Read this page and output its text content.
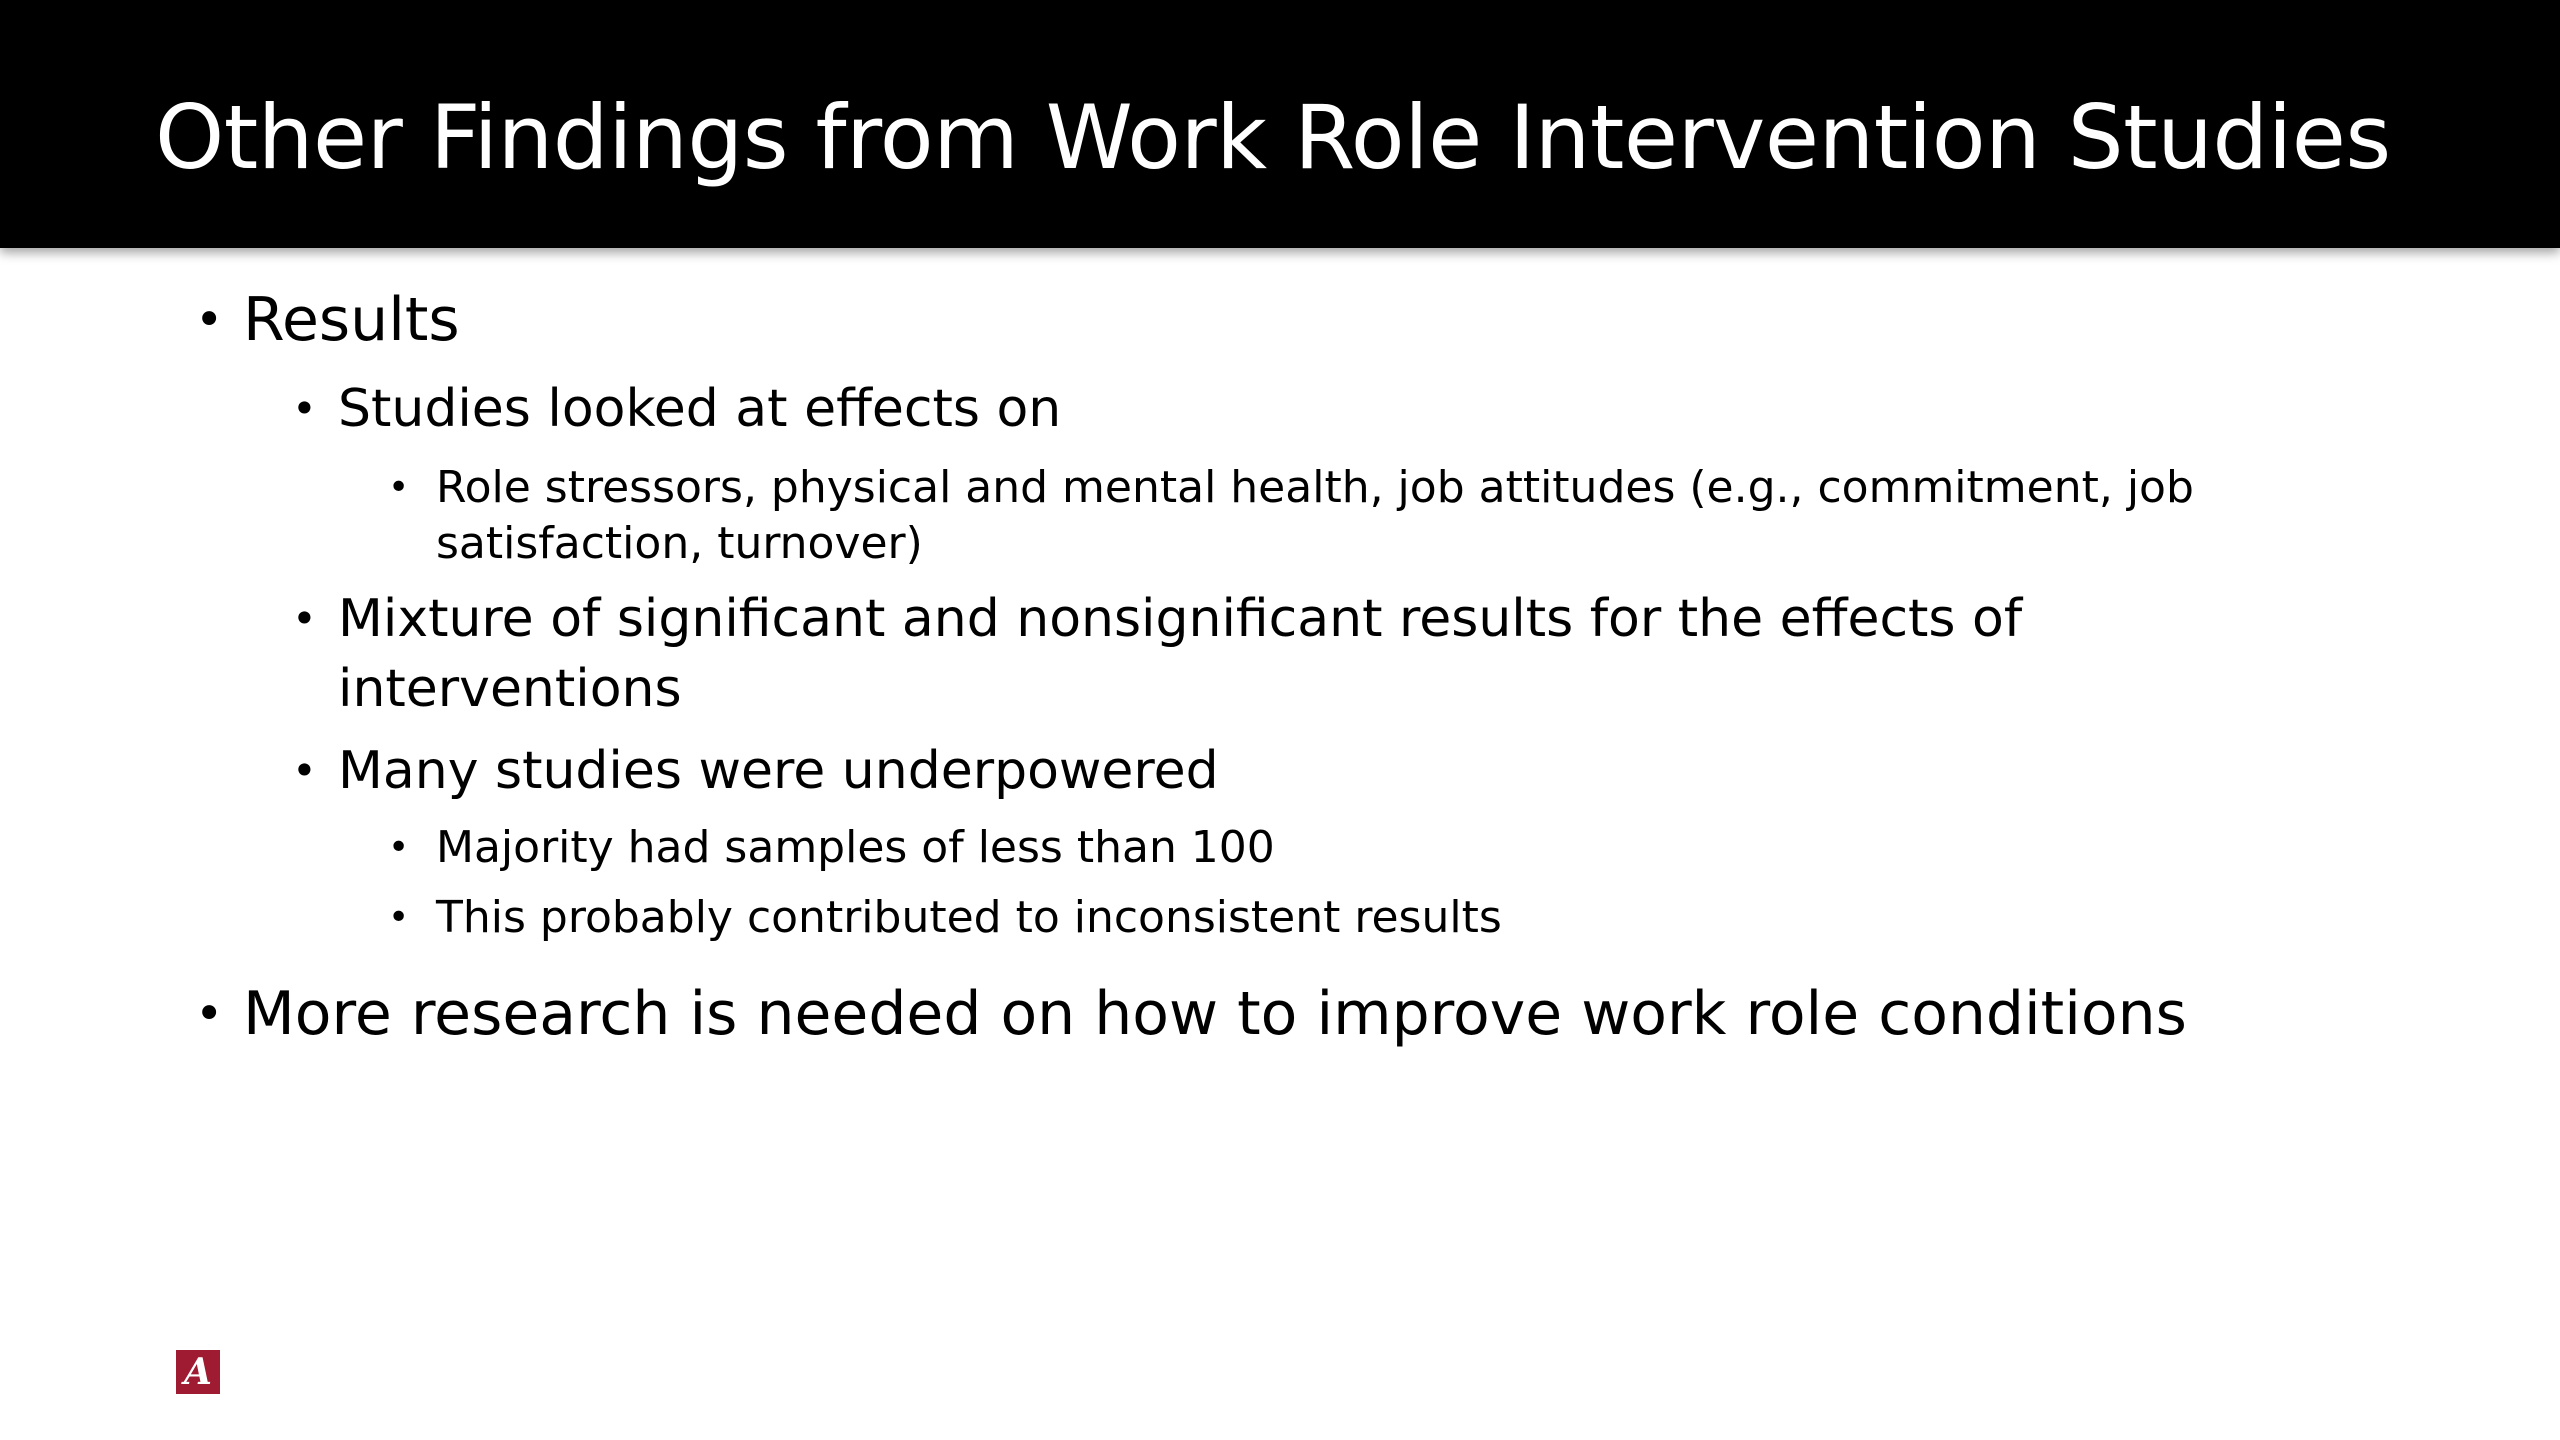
Other Findings from Work Role Intervention Studies
• Results
• Studies looked at effects on
• Role stressors, physical and mental health, job attitudes (e.g., commitment, job
satisfaction, turnover)
• Mixture of significant and nonsignificant results for the effects of
interventions
• Many studies were underpowered
• Majority had samples of less than 100
• This probably contributed to inconsistent results
• More research is needed on how to improve work role conditions
A
